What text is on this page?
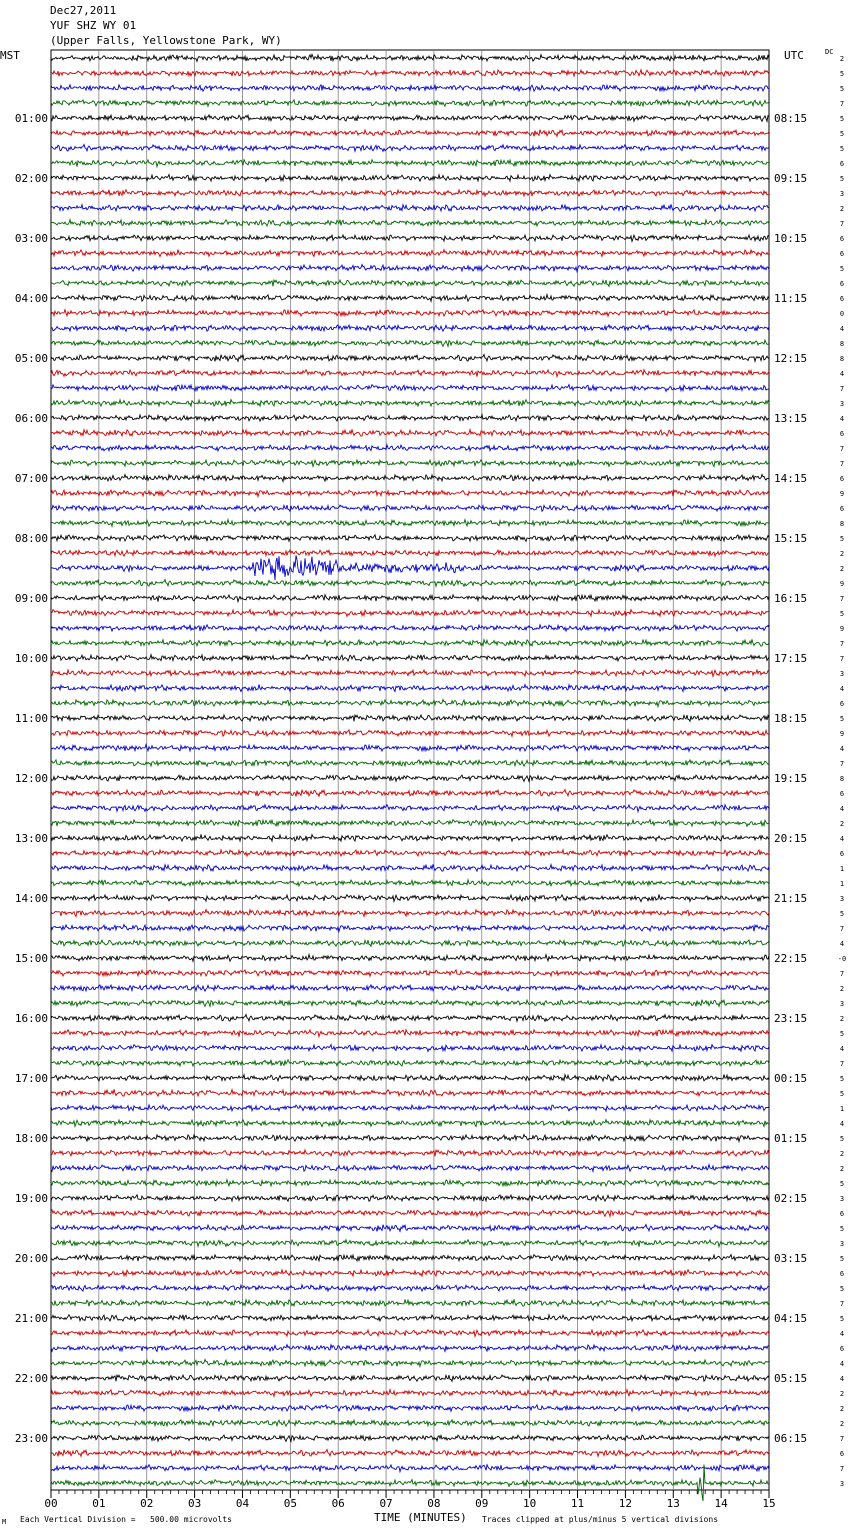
Dec27,2011
YUF SHZ WY 01
(Upper Falls, Yellowstone Park, WY)
MST	UTC	DC
2
5
5
7
5
5
5
6
5
3
2
7
6
6
5
6
6
0
4
8
8
4
7
3
4
6
7
7
6
9
6
8
5
2
2
9
7
5
9
7
7
3
4
6
5
9
4
7
8
6
4
2
4
6
1
1
3
5
7
4
-0
7
2
3
2
5
4
7
5
5
1
4
5
2
2
5
3
6
5
3
5
6
5
7
5
4
6
4
4
2
2
2
7
6
7
3
01:00
02:00
03:00
04:00
05:00
06:00
07:00
08:00
09:00
10:00
11:00
12:00
13:00
14:00
15:00
16:00
17:00
18:00
19:00
20:00
21:00
22:00
23:00
08:15
09:15
10:15
11:15
12:15
13:15
14:15
15:15
16:15
17:15
18:15
19:15
20:15
21:15
22:15
23:15
00:15
01:15
02:15
03:15
04:15
05:15
06:15
00	01	02	03	04	05	06	07	08	09	10	11	12	13	14	15
M Each Vertical Division =   500.00 microvolts	TIME (MINUTES) Traces clipped at plus/minus 5 vertical divisions
